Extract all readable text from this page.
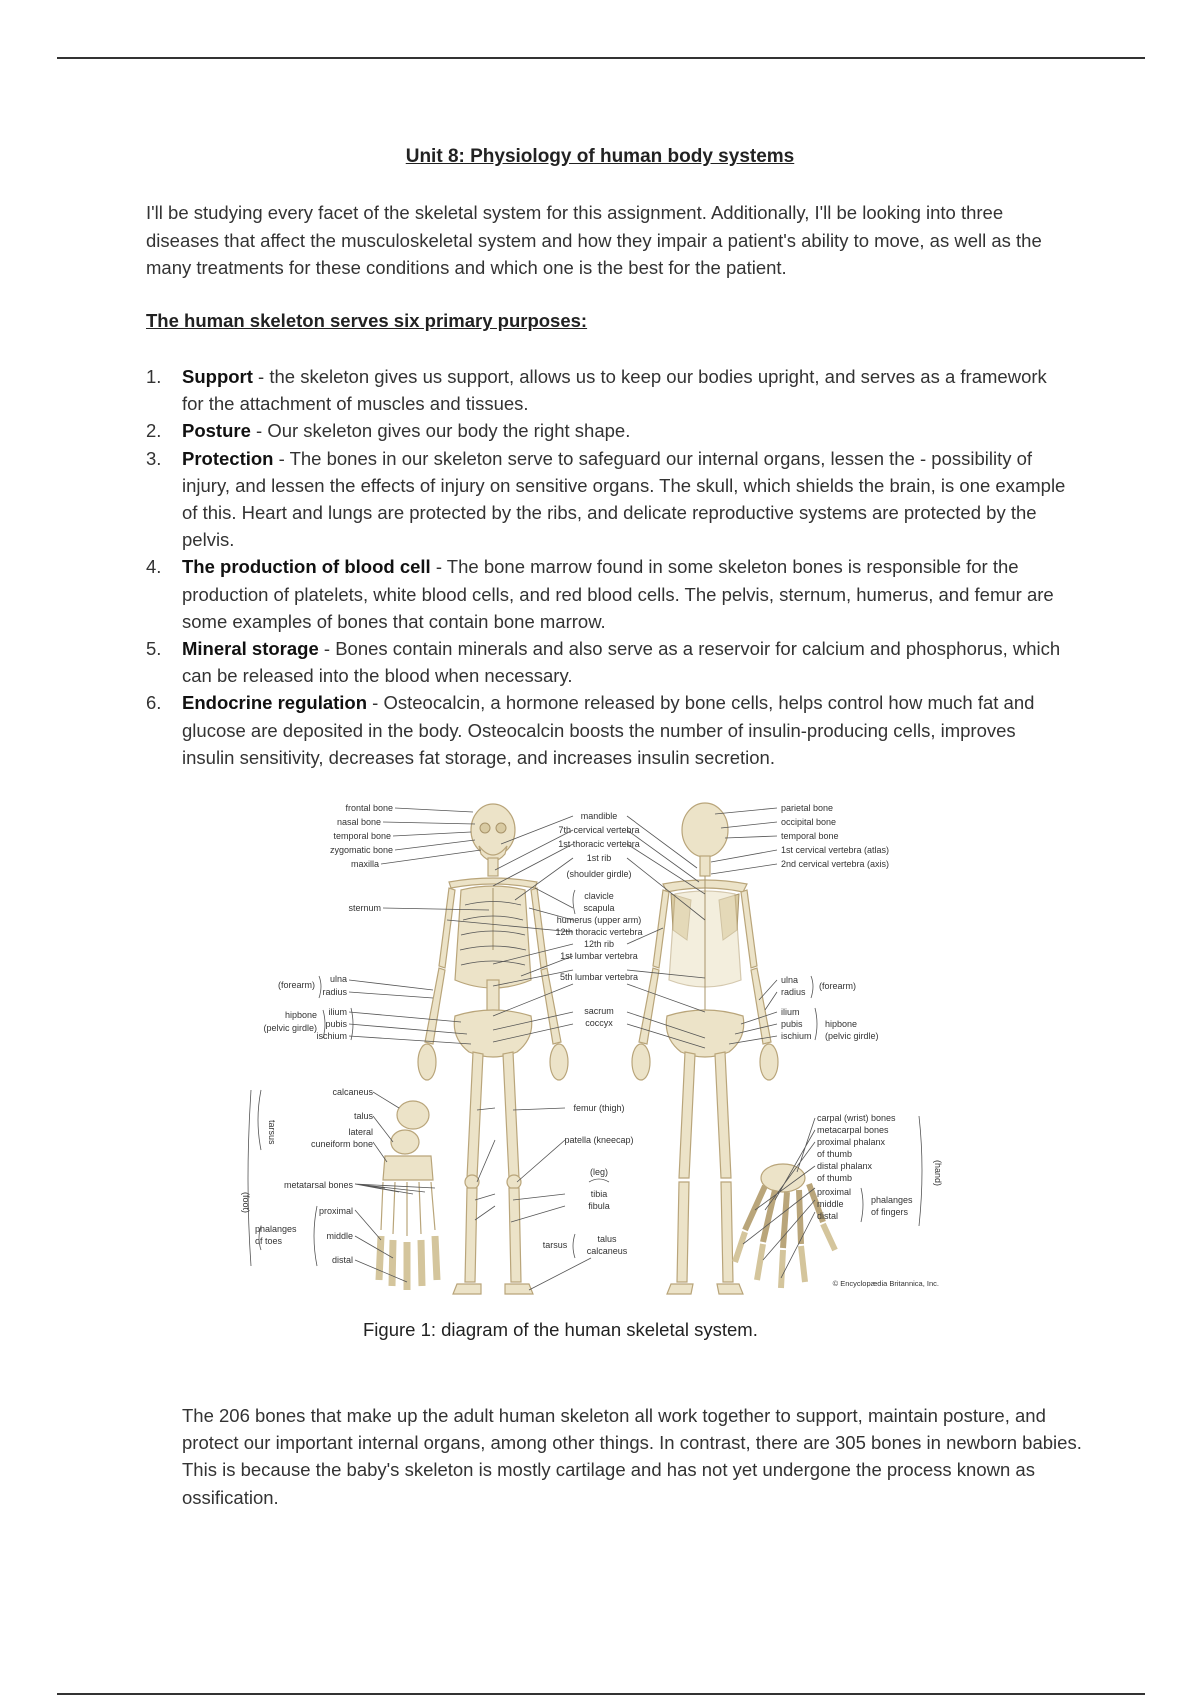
Unit 8: Physiology of human body systems
I'll be studying every facet of the skeletal system for this assignment. Additionally, I'll be looking into three diseases that affect the musculoskeletal system and how they impair a patient's ability to move, as well as the many treatments for these conditions and which one is the best for the patient.
The human skeleton serves six primary purposes:
1. Support - the skeleton gives us support, allows us to keep our bodies upright, and serves as a framework for the attachment of muscles and tissues.
2. Posture - Our skeleton gives our body the right shape.
3. Protection - The bones in our skeleton serve to safeguard our internal organs, lessen the - possibility of injury, and lessen the effects of injury on sensitive organs. The skull, which shields the brain, is one example of this. Heart and lungs are protected by the ribs, and delicate reproductive systems are protected by the pelvis.
4. The production of blood cell - The bone marrow found in some skeleton bones is responsible for the production of platelets, white blood cells, and red blood cells. The pelvis, sternum, humerus, and femur are some examples of bones that contain bone marrow.
5. Mineral storage - Bones contain minerals and also serve as a reservoir for calcium and phosphorus, which can be released into the blood when necessary.
6. Endocrine regulation - Osteocalcin, a hormone released by bone cells, helps control how much fat and glucose are deposited in the body. Osteocalcin boosts the number of insulin-producing cells, improves insulin sensitivity, decreases fat storage, and increases insulin secretion.
frontal bone
nasal bone
temporal bone
zygomatic bone
maxilla
sternum
(forearm)
ulna
radius
hipbone
(pelvic girdle)
ilium
pubis
ischium
mandible
7th cervical vertebra
1st thoracic vertebra
1st rib
(shoulder girdle)
clavicle
scapula
humerus (upper arm)
12th thoracic vertebra
12th rib
1st lumbar vertebra
5th lumbar vertebra
sacrum
coccyx
femur (thigh)
patella (kneecap)
(leg)
tibia
fibula
tarsus
talus
calcaneus
parietal bone
occipital bone
temporal bone
1st cervical vertebra (atlas)
2nd cervical vertebra (axis)
ulna
radius
(forearm)
ilium
pubis
ischium
hipbone
(pelvic girdle)
calcaneus
talus
lateral
cuneiform bone
tarsus
(foot)
metatarsal bones
proximal
middle
distal
phalanges
of toes
carpal (wrist) bones
metacarpal bones
proximal phalanx
of thumb
distal phalanx
of thumb
proximal
middle
distal
phalanges
of fingers
(hand)
© Encyclopædia Britannica, Inc.
Figure 1: diagram of the human skeletal system.
The 206 bones that make up the adult human skeleton all work together to support, maintain posture, and protect our important internal organs, among other things. In contrast, there are 305 bones in newborn babies. This is because the baby's skeleton is mostly cartilage and has not yet undergone the process known as ossification.
